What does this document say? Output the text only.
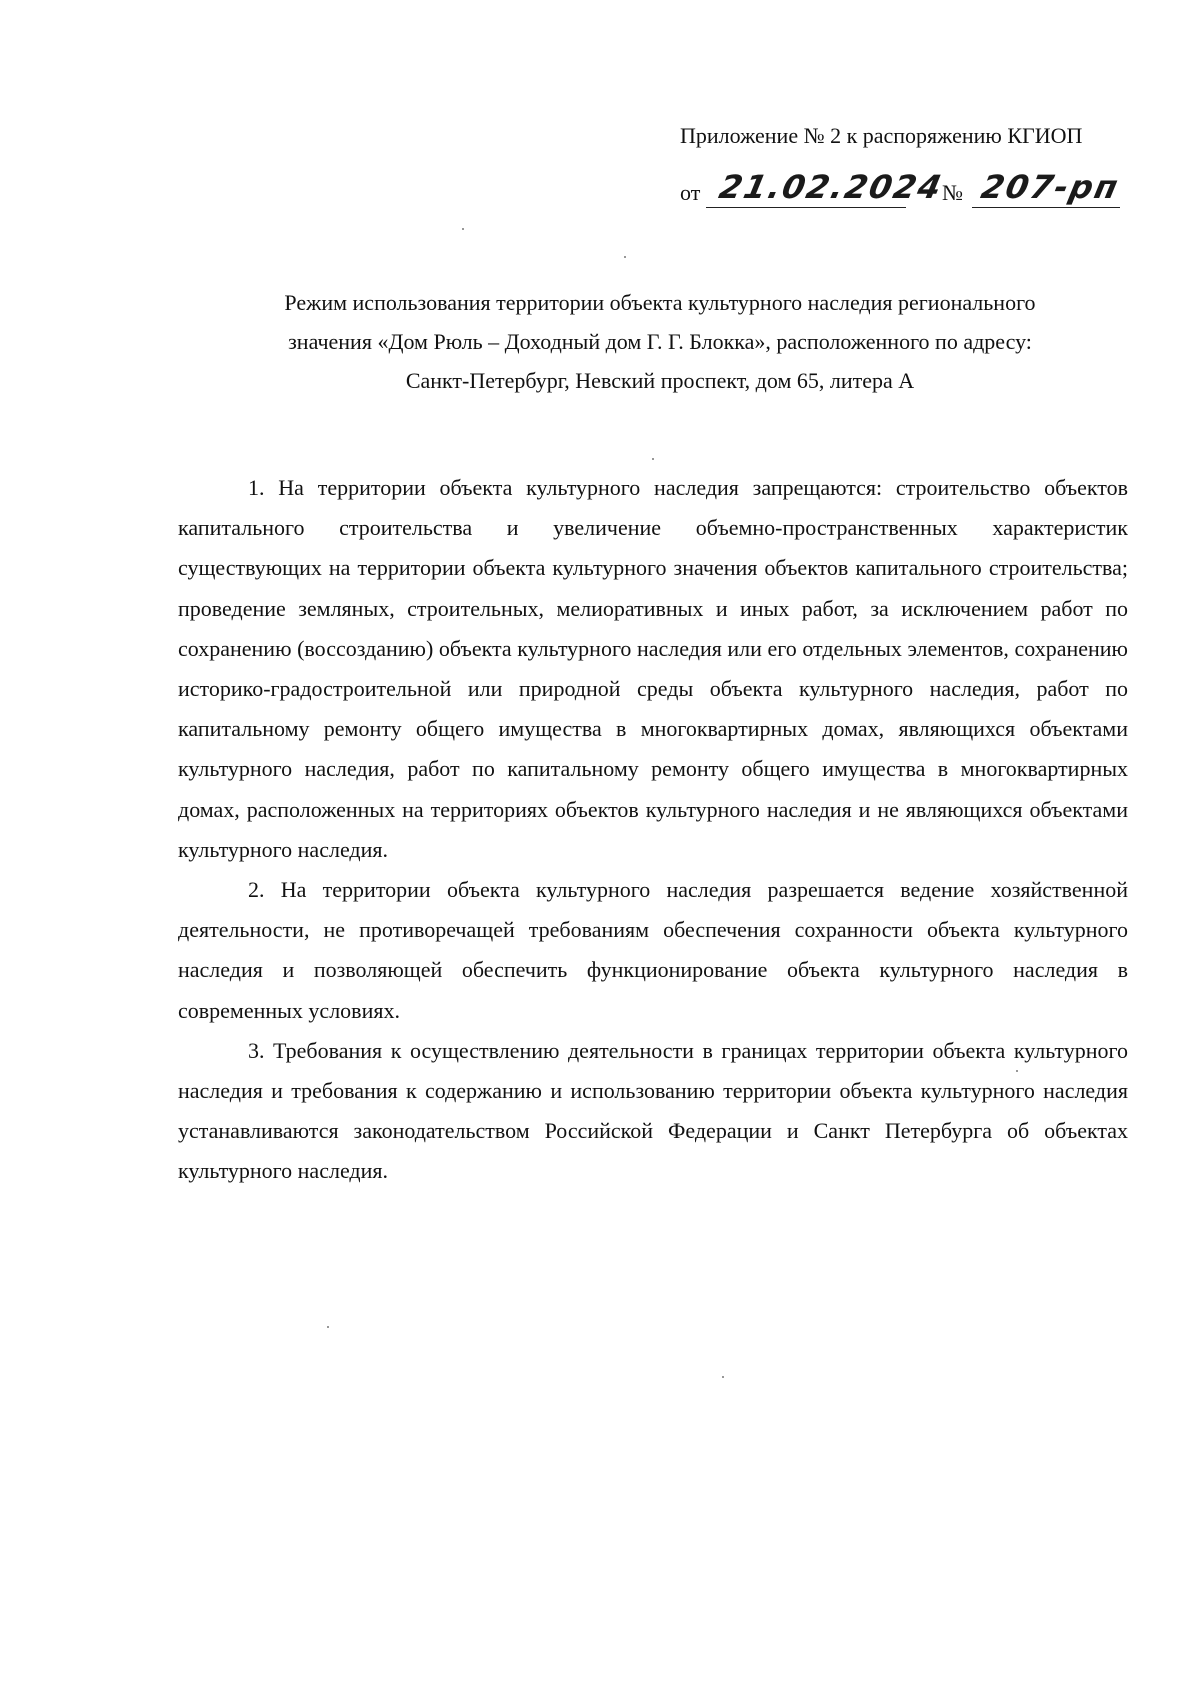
Приложение № 2 к распоряжению КГИОП
от 21.02.2024
№ 207-рп
Режим использования территории объекта культурного наследия регионального
значения «Дом Рюль – Доходный дом Г. Г. Блокка», расположенного по адресу:
Санкт-Петербург, Невский проспект, дом 65, литера А

1. На территории объекта культурного наследия запрещаются: строительство объектов капитального строительства и увеличение объемно-пространственных характеристик существующих на территории объекта культурного значения объектов капитального строительства; проведение земляных, строительных, мелиоративных и иных работ, за исключением работ по сохранению (воссозданию) объекта культурного наследия или его отдельных элементов, сохранению историко-градостроительной или природной среды объекта культурного наследия, работ по капитальному ремонту общего имущества в многоквартирных домах, являющихся объектами культурного наследия, работ по капитальному ремонту общего имущества в многоквартирных домах, расположенных на территориях объектов культурного наследия и не являющихся объектами культурного наследия.

2. На территории объекта культурного наследия разрешается ведение хозяйственной деятельности, не противоречащей требованиям обеспечения сохранности объекта культурного наследия и позволяющей обеспечить функционирование объекта культурного наследия в современных условиях.

3. Требования к осуществлению деятельности в границах территории объекта культурного наследия и требования к содержанию и использованию территории объекта культурного наследия устанавливаются законодательством Российской Федерации и Санкт Петербурга об объектах культурного наследия.
